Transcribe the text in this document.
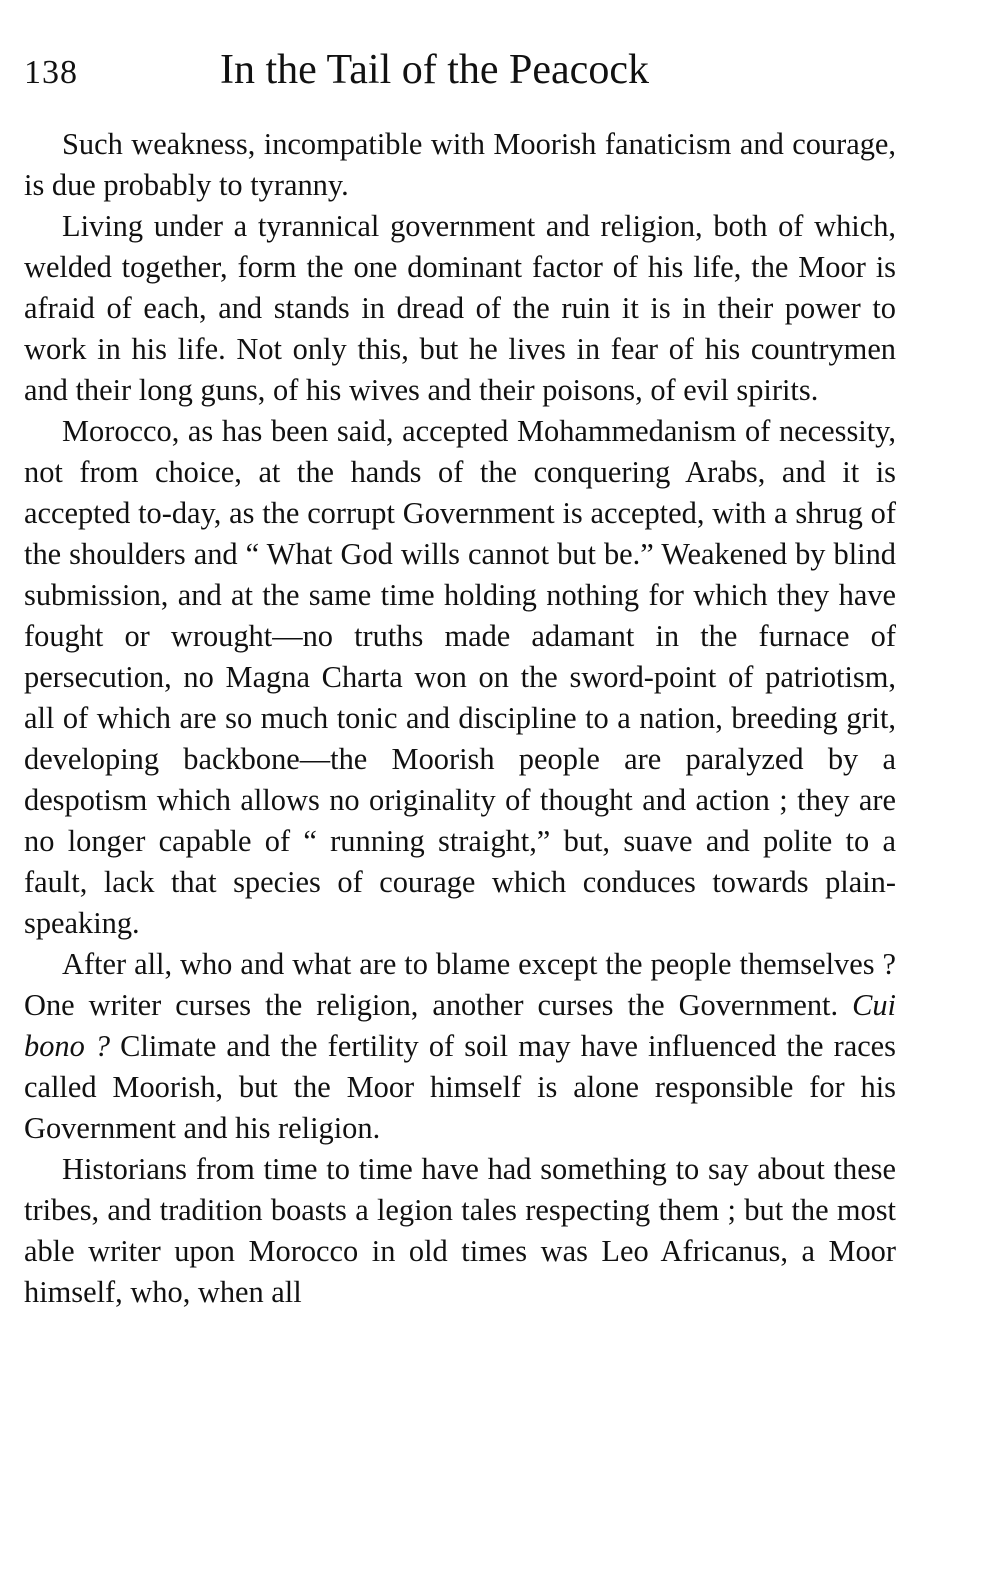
138	In the Tail of the Peacock

Such weakness, incompatible with Moorish fanaticism and courage, is due probably to tyranny.

Living under a tyrannical government and religion, both of which, welded together, form the one dominant factor of his life, the Moor is afraid of each, and stands in dread of the ruin it is in their power to work in his life. Not only this, but he lives in fear of his countrymen and their long guns, of his wives and their poisons, of evil spirits.

Morocco, as has been said, accepted Mohammedanism of necessity, not from choice, at the hands of the conquering Arabs, and it is accepted to-day, as the corrupt Government is accepted, with a shrug of the shoulders and “ What God wills cannot but be.” Weakened by blind submission, and at the same time holding nothing for which they have fought or wrought—no truths made adamant in the furnace of persecution, no Magna Charta won on the sword-point of patriotism, all of which are so much tonic and discipline to a nation, breeding grit, developing backbone—the Moorish people are paralyzed by a despotism which allows no originality of thought and action ; they are no longer capable of “ running straight,” but, suave and polite to a fault, lack that species of courage which conduces towards plain-speaking.

After all, who and what are to blame except the people themselves ? One writer curses the religion, another curses the Government. Cui bono ? Climate and the fertility of soil may have influenced the races called Moorish, but the Moor himself is alone responsible for his Government and his religion.

Historians from time to time have had something to say about these tribes, and tradition boasts a legion tales respecting them ; but the most able writer upon Morocco in old times was Leo Africanus, a Moor himself, who, when all
